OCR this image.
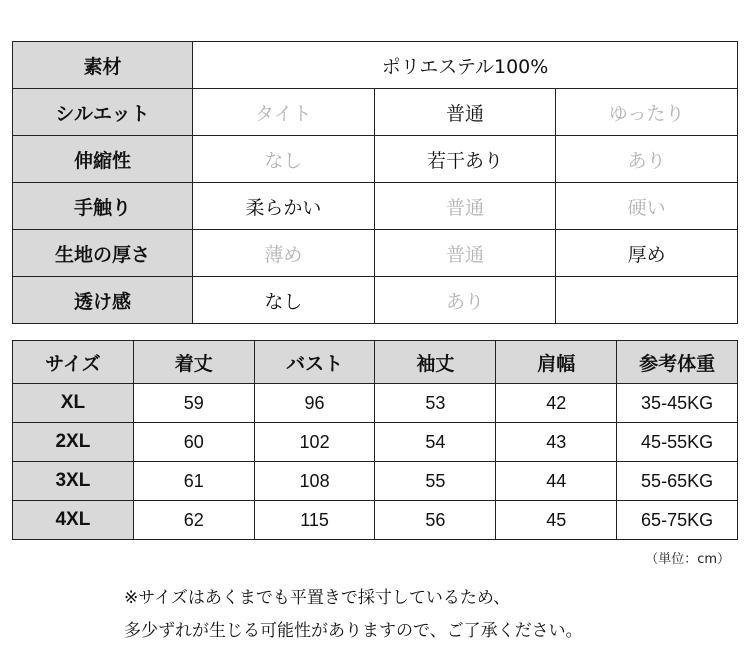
素材	ポリエステル100%		
シルエット	タイト	普通	ゆったり
伸縮性	なし	若干あり	あり
手触り	柔らかい	普通	硬い
生地の厚さ	薄め	普通	厚め
透け感	なし	あり	
サイズ	着丈	バスト	袖丈	肩幅	参考体重
XL	59	96	53	42	35-45KG
2XL	60	102	54	43	45-55KG
3XL	61	108	55	44	55-65KG
4XL	62	115	56	45	65-75KG
（単位：cm）
※サイズはあくまでも平置きで採寸しているため、
多少ずれが生じる可能性がありますので、ご了承ください。
